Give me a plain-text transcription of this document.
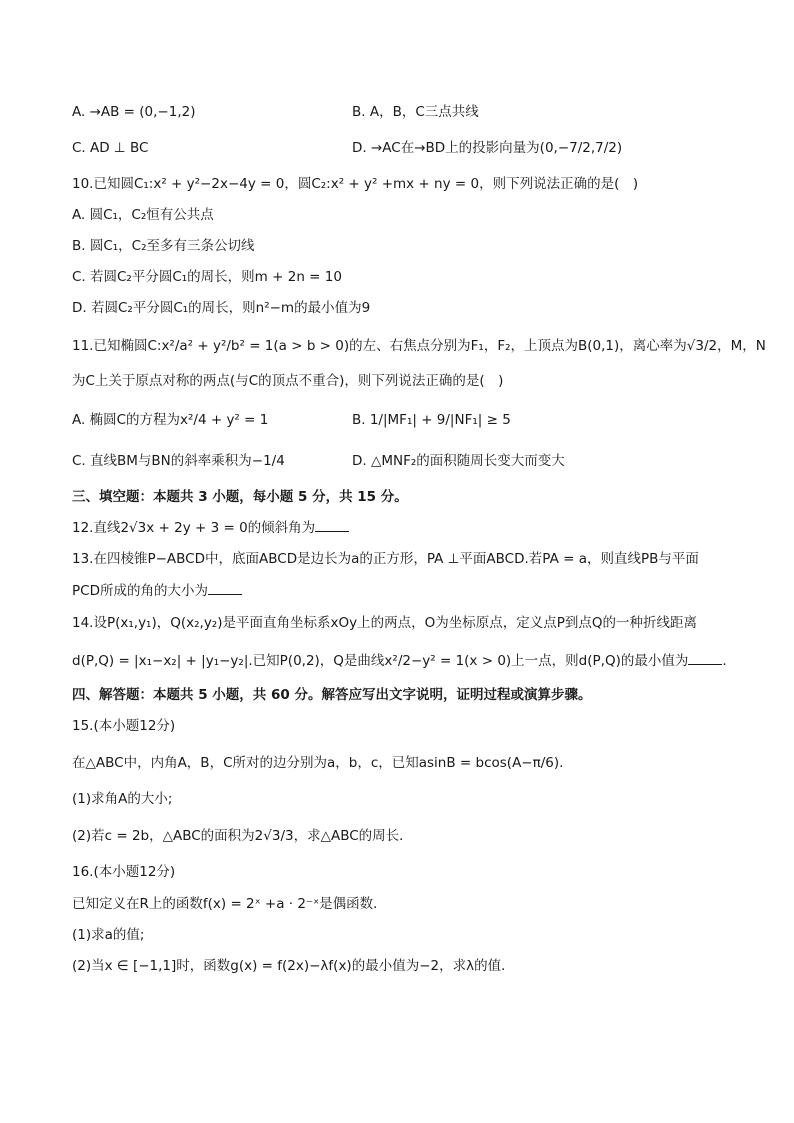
A. →AB = (0,−1,2)	B. A，B，C三点共线
C. AD ⊥ BC	D. →AC在→BD上的投影向量为(0,−7/2,7/2)
10.已知圆C₁:x² + y²−2x−4y = 0，圆C₂:x² + y² +mx + ny = 0，则下列说法正确的是(　)
A. 圆C₁，C₂恒有公共点
B. 圆C₁，C₂至多有三条公切线
C. 若圆C₂平分圆C₁的周长，则m + 2n = 10
D. 若圆C₂平分圆C₁的周长，则n²−m的最小值为9
11.已知椭圆C:x²/a² + y²/b² = 1(a > b > 0)的左、右焦点分别为F₁，F₂，上顶点为B(0,1)，离心率为√3/2，M，N
为C上关于原点对称的两点(与C的顶点不重合)，则下列说法正确的是(　)
A. 椭圆C的方程为x²/4 + y² = 1	B. 1/|MF₁| + 9/|NF₁| ≥ 5
C. 直线BM与BN的斜率乘积为−1/4	D. △MNF₂的面积随周长变大而变大
三、填空题：本题共 3 小题，每小题 5 分，共 15 分。
12.直线2√3x + 2y + 3 = 0的倾斜角为
13.在四棱锥P−ABCD中，底面ABCD是边长为a的正方形，PA ⊥平面ABCD.若PA = a，则直线PB与平面
PCD所成的角的大小为
14.设P(x₁,y₁)，Q(x₂,y₂)是平面直角坐标系xOy上的两点，O为坐标原点，定义点P到点Q的一种折线距离
d(P,Q) = |x₁−x₂| + |y₁−y₂|.已知P(0,2)，Q是曲线x²/2−y² = 1(x > 0)上一点，则d(P,Q)的最小值为	.
四、解答题：本题共 5 小题，共 60 分。解答应写出文字说明，证明过程或演算步骤。
15.(本小题12分)
在△ABC中，内角A，B，C所对的边分别为a，b，c，已知asinB = bcos(A−π/6).
(1)求角A的大小;
(2)若c = 2b，△ABC的面积为2√3/3，求△ABC的周长．
16.(本小题12分)
已知定义在R上的函数f(x) = 2ˣ +a · 2⁻ˣ是偶函数．
(1)求a的值;
(2)当x ∈ [−1,1]时，函数g(x) = f(2x)−λf(x)的最小值为−2，求λ的值．
